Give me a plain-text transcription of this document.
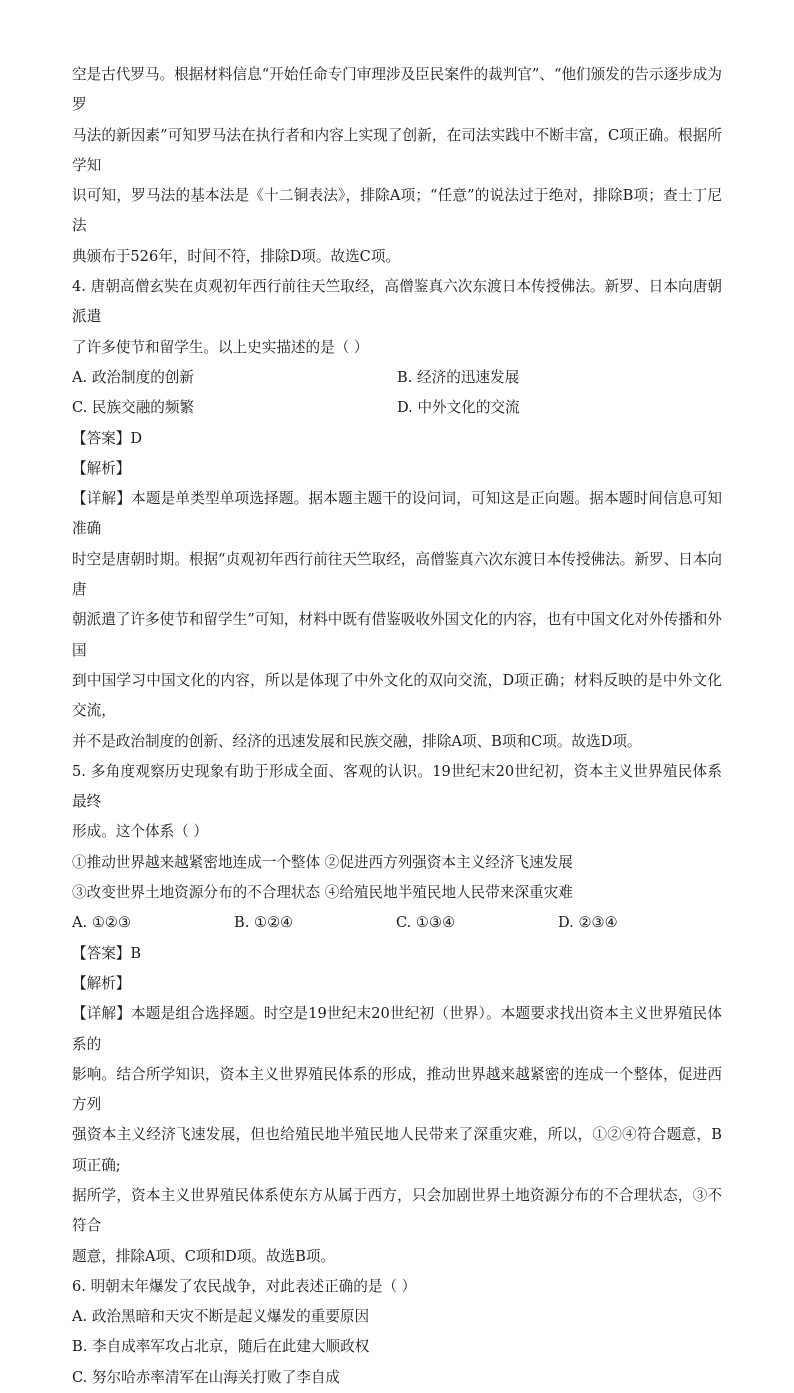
空是古代罗马。根据材料信息“开始任命专门审理涉及臣民案件的裁判官”、“他们颁发的告示逐步成为罗

马法的新因素”可知罗马法在执行者和内容上实现了创新，在司法实践中不断丰富，C项正确。根据所学知

识可知，罗马法的基本法是《十二铜表法》，排除A项；“任意”的说法过于绝对，排除B项；查士丁尼法

典颁布于526年，时间不符，排除D项。故选C项。

4. 唐朝高僧玄奘在贞观初年西行前往天竺取经，高僧鉴真六次东渡日本传授佛法。新罗、日本向唐朝派遣

了许多使节和留学生。以上史实描述的是（ ）

A. 政治制度的创新	B. 经济的迅速发展
C. 民族交融的频繁	D. 中外文化的交流

【答案】D

【解析】

【详解】本题是单类型单项选择题。据本题主题干的设问词，可知这是正向题。据本题时间信息可知准确

时空是唐朝时期。根据“贞观初年西行前往天竺取经，高僧鉴真六次东渡日本传授佛法。新罗、日本向唐

朝派遣了许多使节和留学生”可知，材料中既有借鉴吸收外国文化的内容，也有中国文化对外传播和外国

到中国学习中国文化的内容，所以是体现了中外文化的双向交流，D项正确；材料反映的是中外文化交流，

并不是政治制度的创新、经济的迅速发展和民族交融，排除A项、B项和C项。故选D项。

5. 多角度观察历史现象有助于形成全面、客观的认识。19世纪末20世纪初，资本主义世界殖民体系最终

形成。这个体系（ ）

①推动世界越来越紧密地连成一个整体 ②促进西方列强资本主义经济飞速发展

③改变世界土地资源分布的不合理状态 ④给殖民地半殖民地人民带来深重灾难

A. ①②③	B. ①②④	C. ①③④	D. ②③④

【答案】B

【解析】

【详解】本题是组合选择题。时空是19世纪末20世纪初（世界）。本题要求找出资本主义世界殖民体系的

影响。结合所学知识，资本主义世界殖民体系的形成，推动世界越来越紧密的连成一个整体，促进西方列

强资本主义经济飞速发展，但也给殖民地半殖民地人民带来了深重灾难，所以，①②④符合题意，B项正确;

据所学，资本主义世界殖民体系使东方从属于西方，只会加剧世界土地资源分布的不合理状态，③不符合

题意，排除A项、C项和D项。故选B项。

6. 明朝末年爆发了农民战争，对此表述正确的是（ ）

A. 政治黑暗和天灾不断是起义爆发的重要原因

B. 李自成率军攻占北京，随后在此建大顺政权

C. 努尔哈赤率清军在山海关打败了李自成
